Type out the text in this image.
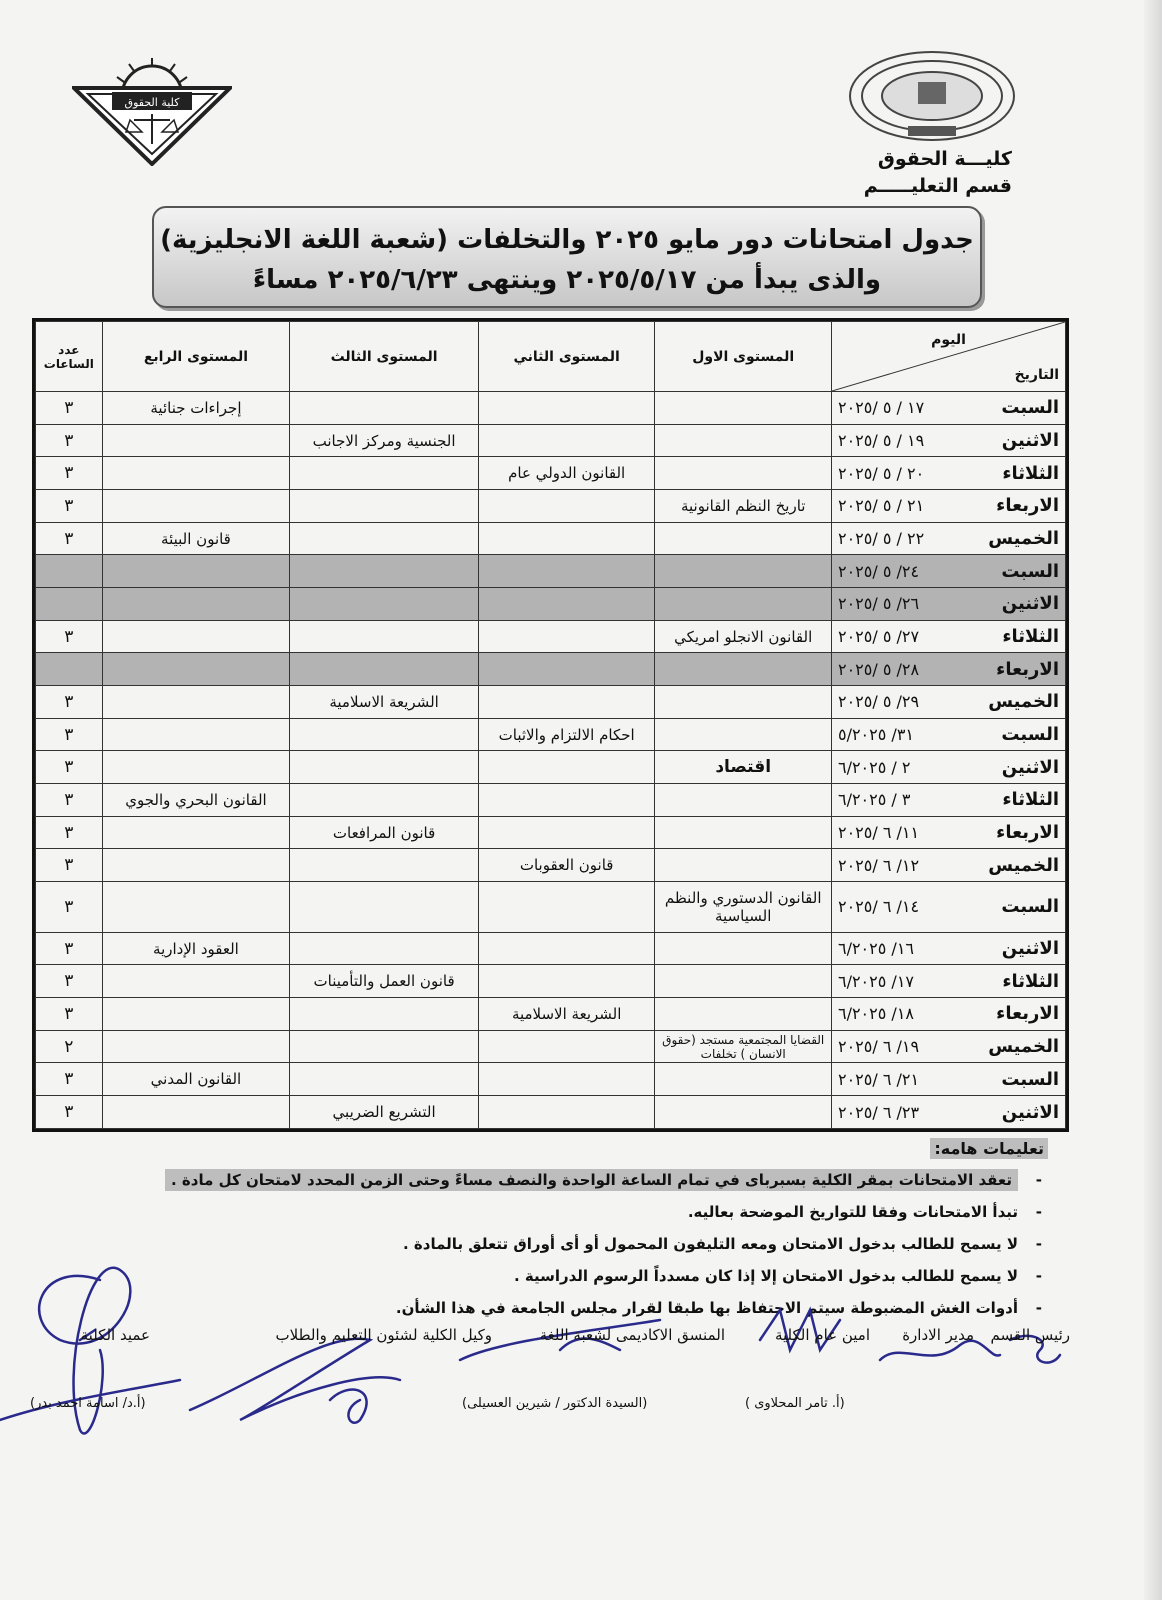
كلية الحقوق
كليـــة الحقوق
قسم التعليـــــم
جدول امتحانات دور مايو ٢٠٢٥ والتخلفات (شعبة اللغة الانجليزية)
والذى يبدأ من ٢٠٢٥/٥/١٧ وينتهى ٢٠٢٥/٦/٢٣ مساءً
اليوم
التاريخ		المستوى الاول	المستوى الثاني	المستوى الثالث	المستوى الرابع	عدد الساعات
السبت	١٧ / ٥ /٢٠٢٥				إجراءات جنائية	٣
الاثنين	١٩ / ٥ /٢٠٢٥			الجنسية ومركز الاجانب		٣
الثلاثاء	٢٠ / ٥ /٢٠٢٥		القانون الدولي عام			٣
الاربعاء	٢١ / ٥ /٢٠٢٥	تاريخ النظم القانونية				٣
الخميس	٢٢ / ٥ /٢٠٢٥				قانون البيئة	٣
السبت	٢٤/ ٥ /٢٠٢٥					
الاثنين	٢٦/ ٥ /٢٠٢٥					
الثلاثاء	٢٧/ ٥ /٢٠٢٥	القانون الانجلو امريكي				٣
الاربعاء	٢٨/ ٥ /٢٠٢٥					
الخميس	٢٩/ ٥ /٢٠٢٥			الشريعة الاسلامية		٣
السبت	٣١/ ٥/٢٠٢٥		احكام الالتزام والاثبات			٣
الاثنين	٢ / ٦/٢٠٢٥	اقتصاد				٣
الثلاثاء	٣ / ٦/٢٠٢٥				القانون البحري والجوي	٣
الاربعاء	١١/ ٦ /٢٠٢٥			قانون المرافعات		٣
الخميس	١٢/ ٦ /٢٠٢٥		قانون العقوبات			٣
السبت	١٤/ ٦ /٢٠٢٥	القانون الدستوري والنظم السياسية				٣
الاثنين	١٦/ ٦/٢٠٢٥				العقود الإدارية	٣
الثلاثاء	١٧/ ٦/٢٠٢٥			قانون العمل والتأمينات		٣
الاربعاء	١٨/ ٦/٢٠٢٥		الشريعة الاسلامية			٣
الخميس	١٩/ ٦ /٢٠٢٥	القضايا المجتمعية مستجد (حقوق الانسان ) تخلفات				٢
السبت	٢١/ ٦ /٢٠٢٥				القانون المدني	٣
الاثنين	٢٣/ ٦ /٢٠٢٥			التشريع الضريبي		٣
تعليمات هامه:
- تعقد الامتحانات بمقر الكلية بسبرباى في تمام الساعة الواحدة والنصف مساءً وحتى الزمن المحدد لامتحان كل مادة .
- تبدأ الامتحانات وفقا للتواريخ الموضحة بعاليه.
- لا يسمح للطالب بدخول الامتحان ومعه التليفون المحمول أو أى أوراق تتعلق بالمادة .
- لا يسمح للطالب بدخول الامتحان إلا إذا كان مسدداً الرسوم الدراسية .
- أدوات الغش المضبوطة سيتم الاحتفاظ بها طبقا لقرار مجلس الجامعة في هذا الشأن.
رئيس القسم
مدير الادارة
امين عام الكلية
المنسق الاكاديمى لشعبة اللغة
وكيل الكلية لشئون التعليم والطلاب
عميد الكلية
(أ.د/ اسامة احمد بدر)	(السيدة الدكتور / شيرين العسيلى)	( أ. تامر المحلاوى)
